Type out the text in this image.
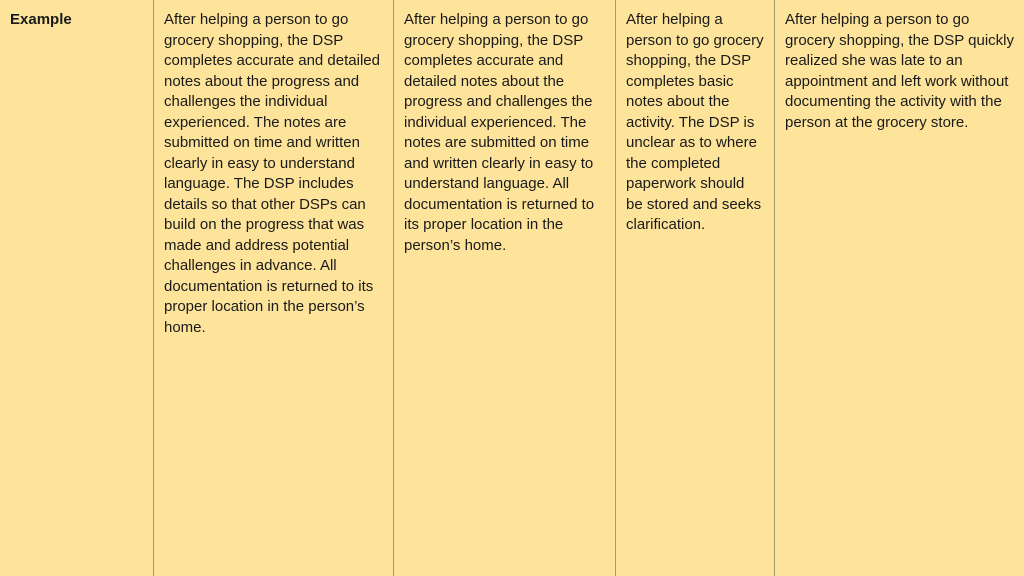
Example	After helping a person to go grocery shopping, the DSP completes accurate and detailed notes about the progress and challenges the individual experienced. The notes are submitted on time and written clearly in easy to understand language. The DSP includes details so that other DSPs can build on the progress that was made and address potential challenges in advance. All documentation is returned to its proper location in the person’s home.
After helping a person to go grocery shopping, the DSP completes accurate and detailed notes about the progress and challenges the individual experienced. The notes are submitted on time and written clearly in easy to understand language. All documentation is returned to its proper location in the person’s home.
After helping a person to go grocery shopping, the DSP completes basic notes about the activity. The DSP is unclear as to where the completed paperwork should be stored and seeks clarification.
After helping a person to go grocery shopping, the DSP quickly realized she was late to an appointment and left work without documenting the activity with the person at the grocery store.
